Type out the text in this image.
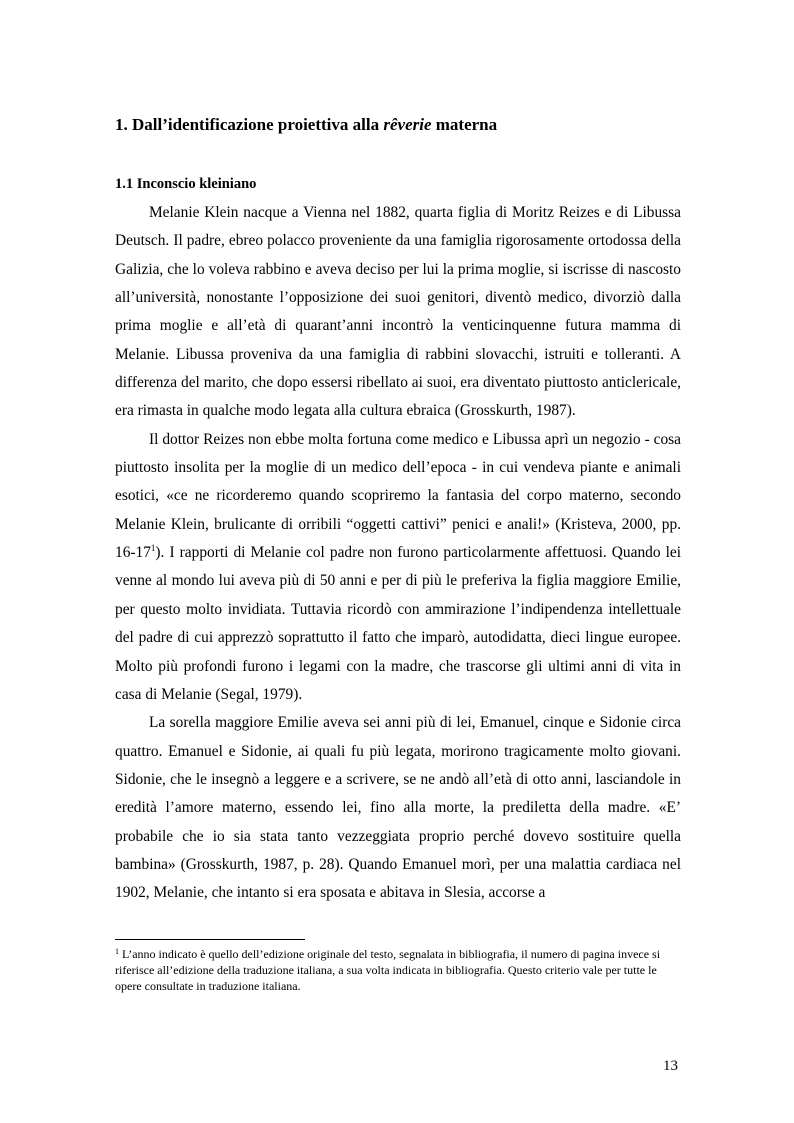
1. Dall’identificazione proiettiva alla rêverie materna
1.1 Inconscio kleiniano

Melanie Klein nacque a Vienna nel 1882, quarta figlia di Moritz Reizes e di Libussa Deutsch. Il padre, ebreo polacco proveniente da una famiglia rigorosamente ortodossa della Galizia, che lo voleva rabbino e aveva deciso per lui la prima moglie, si iscrisse di nascosto all’università, nonostante l’opposizione dei suoi genitori, diventò medico, divorziò dalla prima moglie e all’età di quarant’anni incontrò la venticinquenne futura mamma di Melanie. Libussa proveniva da una famiglia di rabbini slovacchi, istruiti e tolleranti. A differenza del marito, che dopo essersi ribellato ai suoi, era diventato piuttosto anticlericale, era rimasta in qualche modo legata alla cultura ebraica (Grosskurth, 1987).

Il dottor Reizes non ebbe molta fortuna come medico e Libussa aprì un negozio - cosa piuttosto insolita per la moglie di un medico dell’epoca - in cui vendeva piante e animali esotici, «ce ne ricorderemo quando scopriremo la fantasia del corpo materno, secondo Melanie Klein, brulicante di orribili “oggetti cattivi” penici e anali!» (Kristeva, 2000, pp. $16-17^1$). I rapporti di Melanie col padre non furono particolarmente affettuosi. Quando lei venne al mondo lui aveva più di 50 anni e per di più le preferiva la figlia maggiore Emilie, per questo molto invidiata. Tuttavia ricordò con ammirazione l’indipendenza intellettuale del padre di cui apprezzò soprattutto il fatto che imparò, autodidatta, dieci lingue europee. Molto più profondi furono i legami con la madre, che trascorse gli ultimi anni di vita in casa di Melanie (Segal, 1979).

La sorella maggiore Emilie aveva sei anni più di lei, Emanuel, cinque e Sidonie circa quattro. Emanuel e Sidonie, ai quali fu più legata, morirono tragicamente molto giovani. Sidonie, che le insegnò a leggere e a scrivere, se ne andò all’età di otto anni, lasciandole in eredità l’amore materno, essendo lei, fino alla morte, la prediletta della madre. «E’ probabile che io sia stata tanto vezzeggiata proprio perché dovevo sostituire quella bambina» (Grosskurth, 1987, p. 28). Quando Emanuel morì, per una malattia cardiaca nel 1902, Melanie, che intanto si era sposata e abitava in Slesia, accorse a

$^1$ L’anno indicato è quello dell’edizione originale del testo, segnalata in bibliografia, il numero di pagina invece si riferisce all’edizione della traduzione italiana, a sua volta indicata in bibliografia. Questo criterio vale per tutte le opere consultate in traduzione italiana.

13
